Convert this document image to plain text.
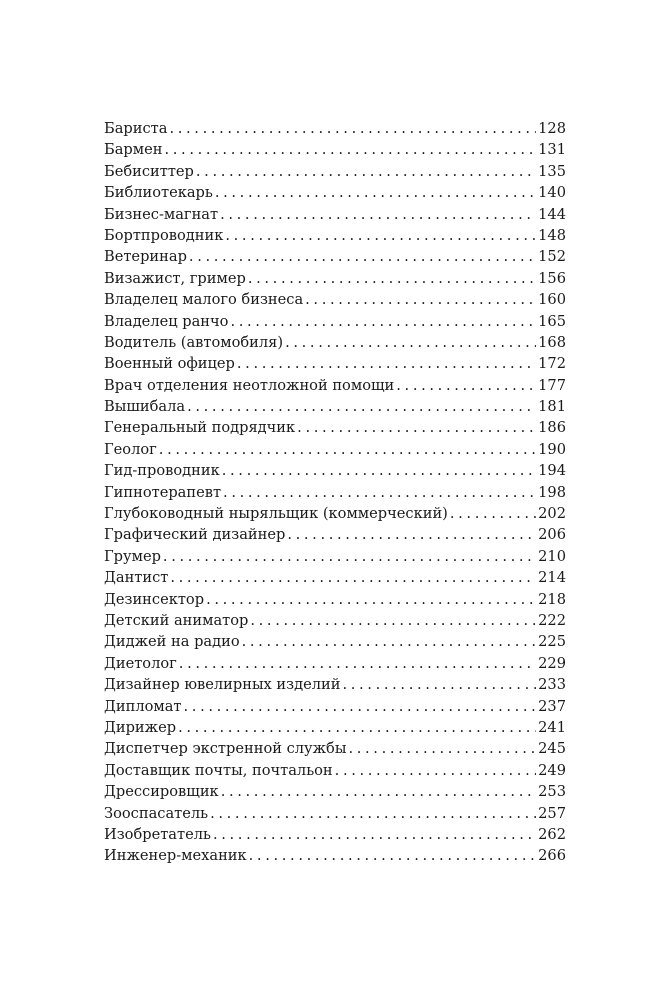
Бариста . . .	128
Бармен . . .	131
Бебиситтер . . .	135
Библиотекарь . . .	140
Бизнес-магнат . . .	144
Бортпроводник . . .	148
Ветеринар . . .	152
Визажист, гример . . .	156
Владелец малого бизнеса . . .	160
Владелец ранчо . . .	165
Водитель (автомобиля) . . .	168
Военный офицер . . .	172
Врач отделения неотложной помощи . . .	177
Вышибала . . .	181
Генеральный подрядчик . . .	186
Геолог . . .	190
Гид-проводник . . .	194
Гипнотерапевт . . .	198
Глубоководный ныряльщик (коммерческий) . . .	202
Графический дизайнер . . .	206
Грумер . . .	210
Дантист . . .	214
Дезинсектор . . .	218
Детский аниматор . . .	222
Диджей на радио . . .	225
Диетолог . . .	229
Дизайнер ювелирных изделий . . .	233
Дипломат . . .	237
Дирижер . . .	241
Диспетчер экстренной службы . . .	245
Доставщик почты, почтальон . . .	249
Дрессировщик . . .	253
Зооспасатель . . .	257
Изобретатель . . .	262
Инженер-механик . . .	266
